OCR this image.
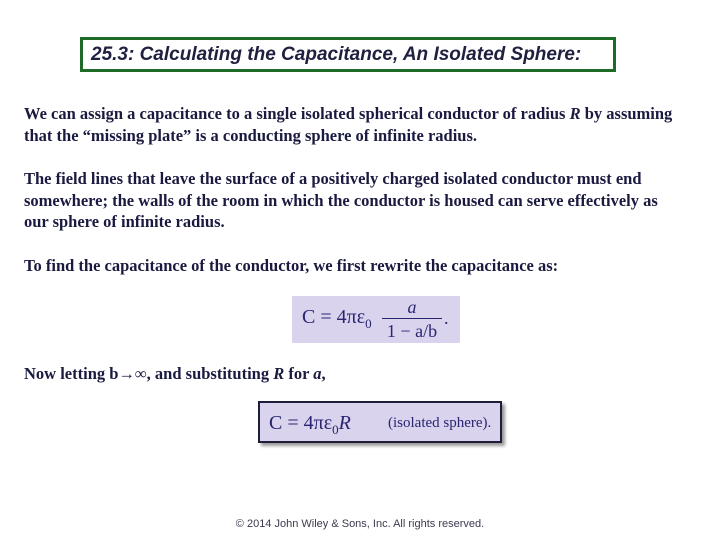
25.3: Calculating the Capacitance, An Isolated Sphere:
We can assign a capacitance to a single isolated spherical conductor of radius R by assuming that the “missing plate” is a conducting sphere of infinite radius.
The field lines that leave the surface of a positively charged isolated conductor must end somewhere; the walls of the room in which the conductor is housed can serve effectively as our sphere of infinite radius.
To find the capacitance of the conductor, we first rewrite the capacitance as:
$C = 4\pi\varepsilon_0$
a
1 − a/b
.
Now letting b→∞, and substituting R for a,
$C = 4\pi\varepsilon_0R$ (isolated sphere).
© 2014 John Wiley & Sons, Inc. All rights reserved.
